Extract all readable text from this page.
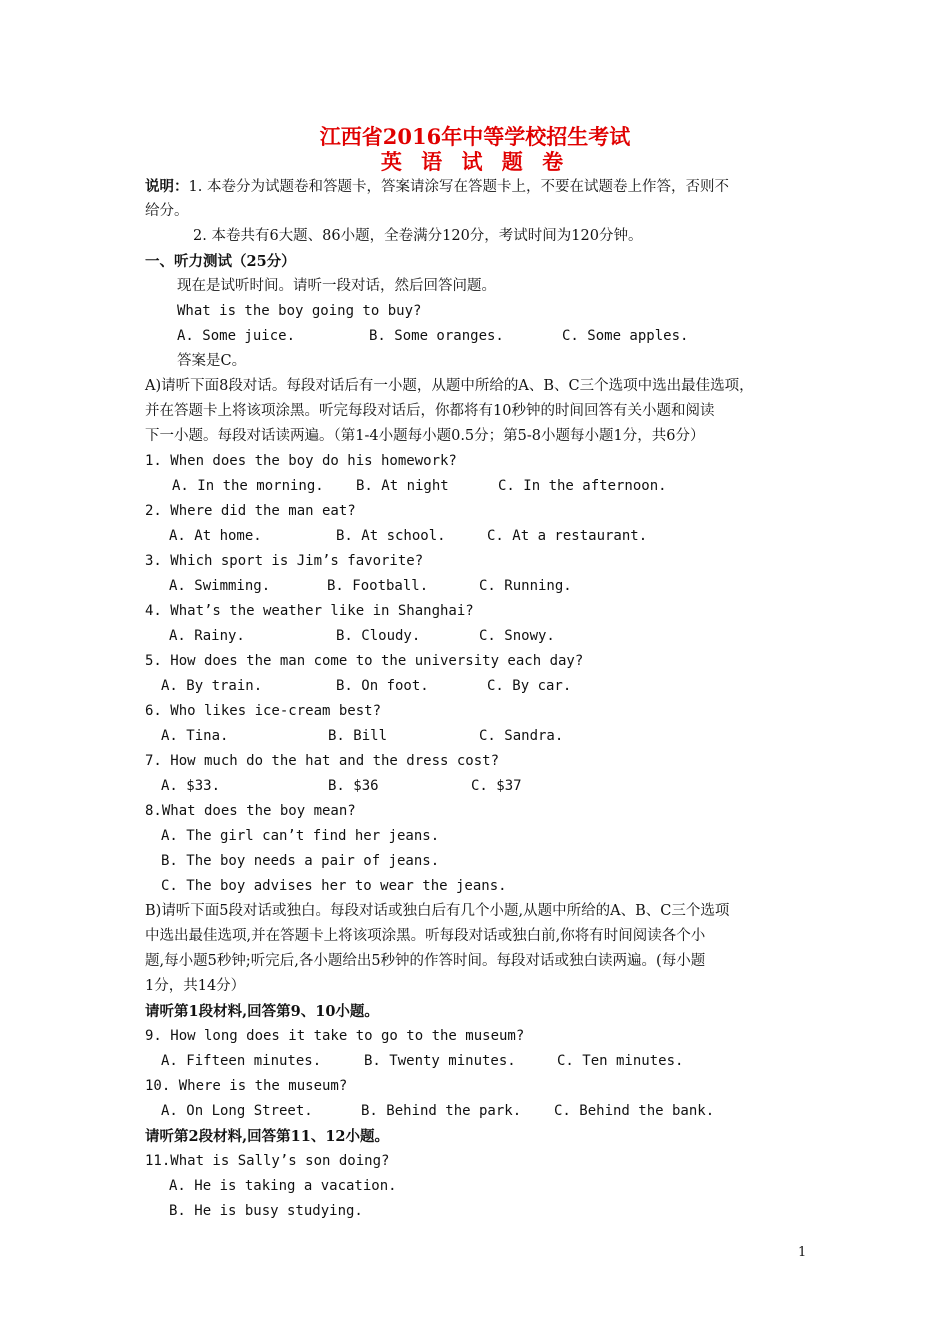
江西省2016年中等学校招生考试
英 语 试 题 卷
说明：1. 本卷分为试题卷和答题卡，答案请涂写在答题卡上，不要在试题卷上作答，否则不
给分。
2. 本卷共有6大题、86小题，全卷满分120分，考试时间为120分钟。
一、听力测试（25分）
现在是试听时间。请听一段对话，然后回答问题。
What is the boy going to buy?
A. Some juice.	B. Some oranges.	C. Some apples.
答案是C。
A)请听下面8段对话。每段对话后有一小题，从题中所给的A、B、C三个选项中选出最佳选项，
并在答题卡上将该项涂黑。听完每段对话后，你都将有10秒钟的时间回答有关小题和阅读
下一小题。每段对话读两遍。（第1-4小题每小题0.5分；第5-8小题每小题1分，共6分）
1. When does the boy do his homework?
A. In the morning. B. At night	C. In the afternoon.
2. Where did the man eat?
A. At home.	B. At school.	C. At a restaurant.
3. Which sport is Jim’s favorite?
A. Swimming.	B. Football.	C. Running.
4. What’s the weather like in Shanghai?
A. Rainy.	B. Cloudy.	C. Snowy.
5. How does the man come to the university each day?
A. By train.	B. On foot.	C. By car.
6. Who likes ice-cream best?
A. Tina.	B. Bill	C. Sandra.
7. How much do the hat and the dress cost?
A. $33.	B. $36	C. $37
8.What does the boy mean?
A. The girl can’t find her jeans.
B. The boy needs a pair of jeans.
C. The boy advises her to wear the jeans.
B)请听下面5段对话或独白。每段对话或独白后有几个小题,从题中所给的A、B、C三个选项
中选出最佳选项,并在答题卡上将该项涂黑。听每段对话或独白前,你将有时间阅读各个小
题,每小题5秒钟;听完后,各小题给出5秒钟的作答时间。每段对话或独白读两遍。(每小题
1分，共14分）
请听第1段材料,回答第9、10小题。
9. How long does it take to go to the museum?
A. Fifteen minutes.	B. Twenty minutes.	C. Ten minutes.
10. Where is the museum?
A. On Long Street.	B. Behind the park. C. Behind the bank.
请听第2段材料,回答第11、12小题。
11.What is Sally’s son doing?
A. He is taking a vacation.
B. He is busy studying.
1
